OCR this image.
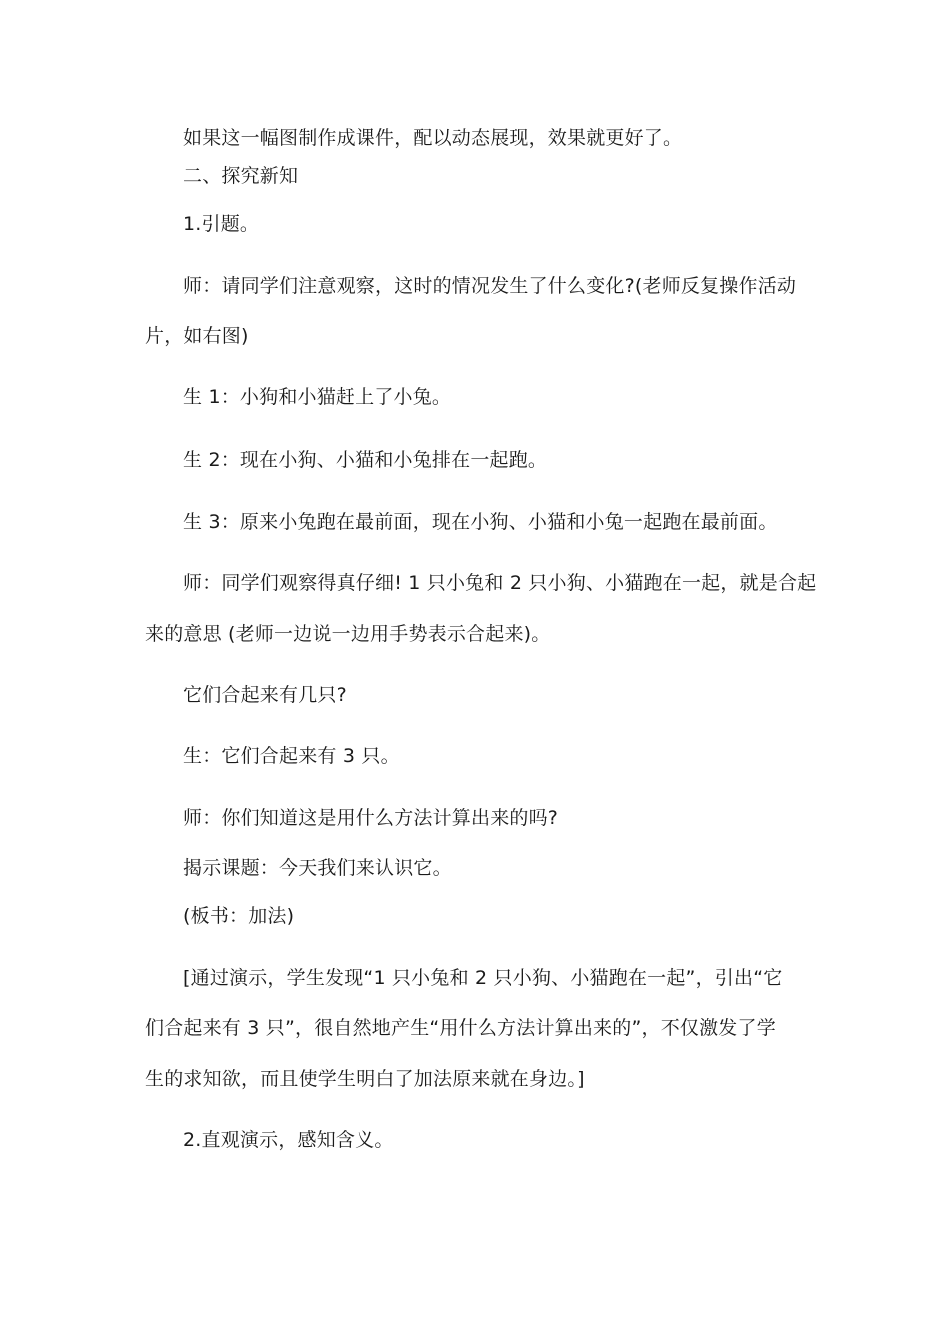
如果这一幅图制作成课件，配以动态展现，效果就更好了。
二、探究新知
1.引题。
师：请同学们注意观察，这时的情况发生了什么变化?(老师反复操作活动
片，如右图)
生 1：小狗和小猫赶上了小兔。
生 2：现在小狗、小猫和小兔排在一起跑。
生 3：原来小兔跑在最前面，现在小狗、小猫和小兔一起跑在最前面。
师：同学们观察得真仔细! 1 只小兔和 2 只小狗、小猫跑在一起，就是合起
来的意思 (老师一边说一边用手势表示合起来)。
它们合起来有几只?
生：它们合起来有 3 只。
师：你们知道这是用什么方法计算出来的吗?
揭示课题：今天我们来认识它。
(板书：加法)
[通过演示，学生发现“1 只小兔和 2 只小狗、小猫跑在一起”，引出“它
们合起来有 3 只”，很自然地产生“用什么方法计算出来的”，不仅激发了学
生的求知欲，而且使学生明白了加法原来就在身边。]
2.直观演示，感知含义。
